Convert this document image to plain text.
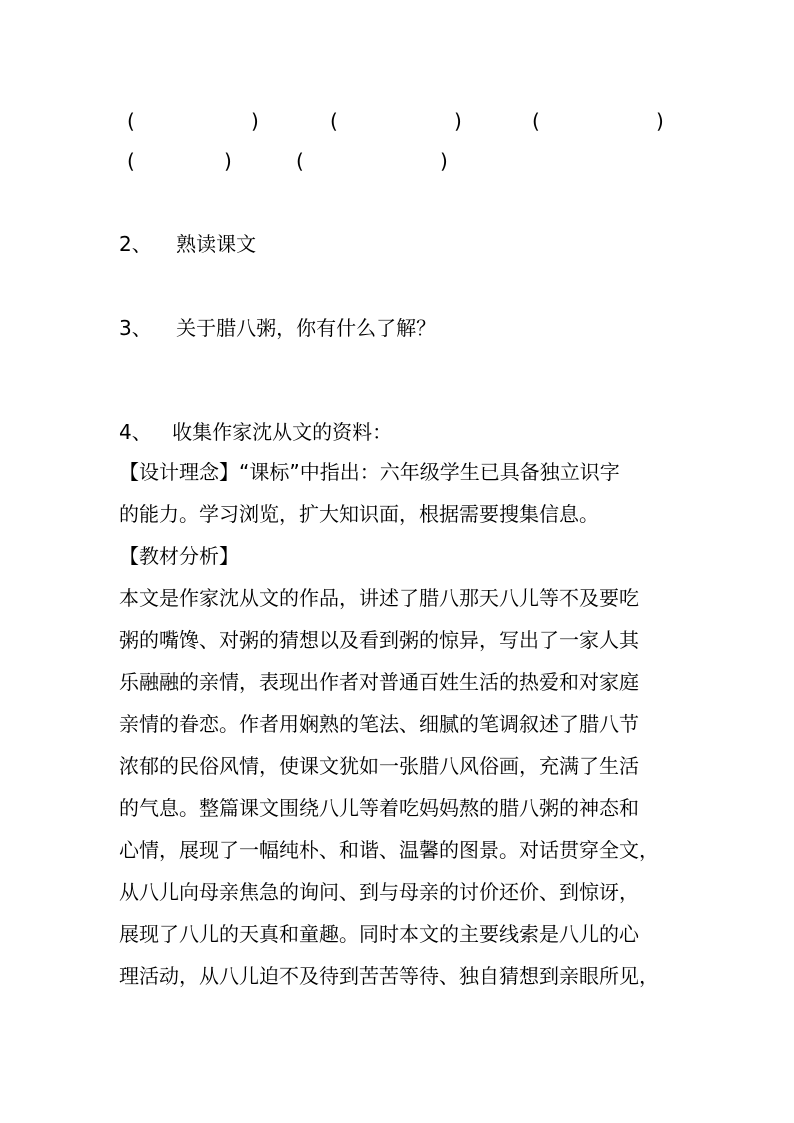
(	)	(	)	(	)
(	)	(	)
2、 熟读课文
3、 关于腊八粥，你有什么了解？
4、 收集作家沈从文的资料：
【设计理念】“课标”中指出：六年级学生已具备独立识字
的能力。学习浏览，扩大知识面，根据需要搜集信息。
【教材分析】
本文是作家沈从文的作品，讲述了腊八那天八儿等不及要吃
粥的嘴馋、对粥的猜想以及看到粥的惊异，写出了一家人其
乐融融的亲情，表现出作者对普通百姓生活的热爱和对家庭
亲情的眷恋。作者用娴熟的笔法、细腻的笔调叙述了腊八节
浓郁的民俗风情，使课文犹如一张腊八风俗画，充满了生活
的气息。整篇课文围绕八儿等着吃妈妈熬的腊八粥的神态和
心情，展现了一幅纯朴、和谐、温馨的图景。对话贯穿全文，
从八儿向母亲焦急的询问、到与母亲的讨价还价、到惊讶，
展现了八儿的天真和童趣。同时本文的主要线索是八儿的心
理活动，从八儿迫不及待到苦苦等待、独自猜想到亲眼所见，
